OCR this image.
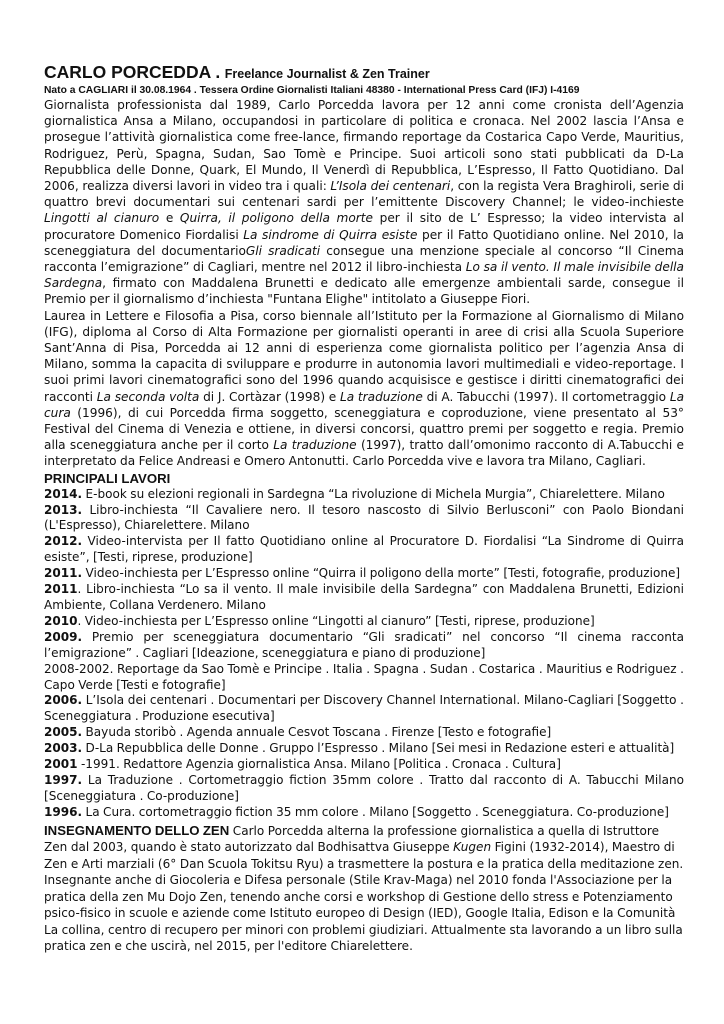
CARLO PORCEDDA . Freelance Journalist & Zen Trainer
Nato a CAGLIARI il 30.08.1964 . Tessera Ordine Giornalisti Italiani 48380 - International Press Card (IFJ) I-4169

Giornalista professionista dal 1989, Carlo Porcedda lavora per 12 anni come cronista dell’Agenzia giornalistica Ansa a Milano, occupandosi in particolare di politica e cronaca. Nel 2002 lascia l’Ansa e prosegue l’attività giornalistica come free-lance, firmando reportage da Costarica Capo Verde, Mauritius, Rodriguez, Perù, Spagna, Sudan, Sao Tomè e Principe. Suoi articoli sono stati pubblicati da D-La Repubblica delle Donne, Quark, El Mundo, Il Venerdì di Repubblica, L’Espresso, Il Fatto Quotidiano. Dal 2006, realizza diversi lavori in video tra i quali: L’Isola dei centenari, con la regista Vera Braghiroli, serie di quattro brevi documentari sui centenari sardi per l’emittente Discovery Channel; le video-inchieste Lingotti al cianuro e Quirra, il poligono della morte per il sito de L’ Espresso; la video intervista al procuratore Domenico Fiordalisi La sindrome di Quirra esiste per il Fatto Quotidiano online. Nel 2010, la sceneggiatura del documentarioGli sradicati consegue una menzione speciale al concorso “Il Cinema racconta l’emigrazione” di Cagliari, mentre nel 2012 il libro-inchiesta Lo sa il vento. Il male invisibile della Sardegna, firmato con Maddalena Brunetti e dedicato alle emergenze ambientali sarde, consegue il Premio per il giornalismo d’inchiesta "Funtana Elighe" intitolato a Giuseppe Fiori.

Laurea in Lettere e Filosofia a Pisa, corso biennale all’Istituto per la Formazione al Giornalismo di Milano (IFG), diploma al Corso di Alta Formazione per giornalisti operanti in aree di crisi alla Scuola Superiore Sant’Anna di Pisa, Porcedda ai 12 anni di esperienza come giornalista politico per l’agenzia Ansa di Milano, somma la capacita di sviluppare e produrre in autonomia lavori multimediali e video-reportage. I suoi primi lavori cinematografici sono del 1996 quando acquisisce e gestisce i diritti cinematografici dei racconti La seconda volta di J. Cortàzar (1998) e La traduzione di A. Tabucchi (1997). Il cortometraggio La cura (1996), di cui Porcedda firma soggetto, sceneggiatura e coproduzione, viene presentato al 53° Festival del Cinema di Venezia e ottiene, in diversi concorsi, quattro premi per soggetto e regia. Premio alla sceneggiatura anche per il corto La traduzione (1997), tratto dall’omonimo racconto di A.Tabucchi e interpretato da Felice Andreasi e Omero Antonutti. Carlo Porcedda vive e lavora tra Milano, Cagliari.

PRINCIPALI LAVORI
2014. E-book su elezioni regionali in Sardegna “La rivoluzione di Michela Murgia”, Chiarelettere. Milano
2013. Libro-inchiesta “Il Cavaliere nero. Il tesoro nascosto di Silvio Berlusconi” con Paolo Biondani (L'Espresso), Chiarelettere. Milano
2012. Video-intervista per Il fatto Quotidiano online al Procuratore D. Fiordalisi “La Sindrome di Quirra esiste”, [Testi, riprese, produzione]
2011. Video-inchiesta per L’Espresso online “Quirra il poligono della morte” [Testi, fotografie, produzione]
2011. Libro-inchiesta “Lo sa il vento. Il male invisibile della Sardegna” con Maddalena Brunetti, Edizioni Ambiente, Collana Verdenero. Milano
2010. Video-inchiesta per L’Espresso online “Lingotti al cianuro” [Testi, riprese, produzione]
2009. Premio per sceneggiatura documentario “Gli sradicati” nel concorso “Il cinema racconta l’emigrazione” . Cagliari [Ideazione, sceneggiatura e piano di produzione]
2008-2002. Reportage da Sao Tomè e Principe . Italia . Spagna . Sudan . Costarica . Mauritius e Rodriguez . Capo Verde [Testi e fotografie]
2006. L’Isola dei centenari . Documentari per Discovery Channel International. Milano-Cagliari [Soggetto . Sceneggiatura . Produzione esecutiva]
2005. Bayuda storibò . Agenda annuale Cesvot Toscana . Firenze [Testo e fotografie]
2003. D-La Repubblica delle Donne . Gruppo l’Espresso . Milano [Sei mesi in Redazione esteri e attualità]
2001 -1991. Redattore Agenzia giornalistica Ansa. Milano [Politica . Cronaca . Cultura]
1997. La Traduzione . Cortometraggio fiction 35mm colore . Tratto dal racconto di A. Tabucchi Milano [Sceneggiatura . Co-produzione]
1996. La Cura. cortometraggio fiction 35 mm colore . Milano [Soggetto . Sceneggiatura. Co-produzione]
INSEGNAMENTO DELLO ZEN Carlo Porcedda alterna la professione giornalistica a quella di Istruttore Zen dal 2003, quando è stato autorizzato dal Bodhisattva Giuseppe Kugen Figini (1932-2014), Maestro di Zen e Arti marziali (6° Dan Scuola Tokitsu Ryu) a trasmettere la postura e la pratica della meditazione zen. Insegnante anche di Giocoleria e Difesa personale (Stile Krav-Maga) nel 2010 fonda l'Associazione per la pratica della zen Mu Dojo Zen, tenendo anche corsi e workshop di Gestione dello stress e Potenziamento psico-fisico in scuole e aziende come Istituto europeo di Design (IED), Google Italia, Edison e la Comunità La collina, centro di recupero per minori con problemi giudiziari. Attualmente sta lavorando a un libro sulla pratica zen e che uscirà, nel 2015, per l'editore Chiarelettere.
